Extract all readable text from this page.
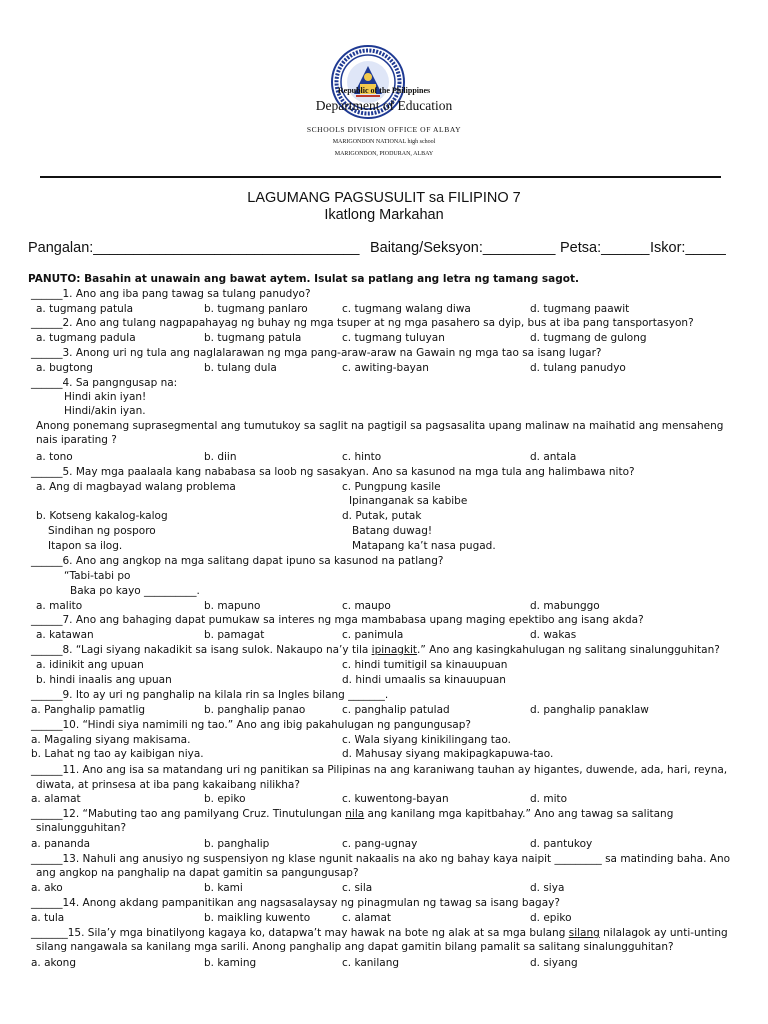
Republic of the Philippines
Department of Education
SCHOOLS DIVISION OFFICE OF ALBAY
MARIGONDON NATIONAL high school
MARIGONDON, PIODURAN, ALBAY
LAGUMANG PAGSUSULIT sa FILIPINO 7
Ikatlong Markahan
Pangalan:_________________________________ Baitang/Seksyon:_________ Petsa:______ Iskor:_____
PANUTO: Basahin at unawain ang bawat aytem. Isulat sa patlang ang letra ng tamang sagot.
______1. Ano ang iba pang tawag sa tulang panudyo?
a. tugmang patula	b. tugmang panlaro	c. tugmang walang diwa	d. tugmang paawit
______2. Ano ang tulang nagpapahayag ng buhay ng mga tsuper at ng mga pasahero sa dyip, bus at iba pang tansportasyon?
a. tugmang padula	b. tugmang patula	c. tugmang tuluyan	d. tugmang de gulong
______3. Anong uri ng tula ang naglalarawan ng mga pang-araw-araw na Gawain ng mga tao sa isang lugar?
a. bugtong	b. tulang dula	c. awiting-bayan	d. tulang panudyo
______4. Sa pangngusap na:
Hindi akin iyan!
Hindi/akin iyan.
Anong ponemang suprasegmental ang tumutukoy sa saglit na pagtigil sa pagsasalita upang malinaw na maihatid ang mensaheng
nais iparating ?
a. tono	b. diin	c. hinto	d. antala
______5. May mga paalaala kang nababasa sa loob ng sasakyan. Ano sa kasunod na mga tula ang halimbawa nito?
a. Ang di magbayad walang problema	c. Pungpung kasile
Ipinanganak sa kabibe
b. Kotseng kakalog-kalog	d. Putak, putak
Sindihan ng posporo	Batang duwag!
Itapon sa ilog.	Matapang ka’t nasa pugad.
______6. Ano ang angkop na mga salitang dapat ipuno sa kasunod na patlang?
“Tabi-tabi po
Baka po kayo __________.
a. malito	b. mapuno	c. maupo	d. mabunggo
______7. Ano ang bahaging dapat pumukaw sa interes ng mga mambabasa upang maging epektibo ang isang akda?
a. katawan	b. pamagat	c. panimula	d. wakas
______8. “Lagi siyang nakadikit sa isang sulok. Nakaupo na’y tila ipinagkit.” Ano ang kasingkahulugan ng salitang sinalungguhitan?
a. idinikit ang upuan	c. hindi tumitigil sa kinauupuan
b. hindi inaalis ang upuan	d. hindi umaalis sa kinauupuan
______9. Ito ay uri ng panghalip na kilala rin sa Ingles bilang _______.
a. Panghalip pamatlig	b. panghalip panao	c. panghalip patulad	d. panghalip panaklaw
______10. “Hindi siya namimili ng tao.” Ano ang ibig pakahulugan ng pangungusap?
a. Magaling siyang makisama.	c. Wala siyang kinikilingang tao.
b. Lahat ng tao ay kaibigan niya.	d. Mahusay siyang makipagkapuwa-tao.
______11. Ano ang isa sa matandang uri ng panitikan sa Pilipinas na ang karaniwang tauhan ay higantes, duwende, ada, hari, reyna,
diwata, at prinsesa at iba pang kakaibang nilikha?
a. alamat	b. epiko	c. kuwentong-bayan	d. mito
______12. “Mabuting tao ang pamilyang Cruz. Tinutulungan nila ang kanilang mga kapitbahay.” Ano ang tawag sa salitang
sinalungguhitan?
a. pananda	b. panghalip	c. pang-ugnay	d. pantukoy
______13. Nahuli ang anusiyo ng suspensiyon ng klase ngunit nakaalis na ako ng bahay kaya naipit _________ sa matinding baha. Ano
ang angkop na panghalip na dapat gamitin sa pangungusap?
a. ako	b. kami	c. sila	d. siya
______14. Anong akdang pampanitikan ang nagsasalaysay ng pinagmulan ng tawag sa isang bagay?
a. tula	b. maikling kuwento	c. alamat	d. epiko
_______15. Sila’y mga binatilyong kagaya ko, datapwa’t may hawak na bote ng alak at sa mga bulang silang nilalagok ay unti-unting
silang nangawala sa kanilang mga sarili. Anong panghalip ang dapat gamitin bilang pamalit sa salitang sinalungguhitan?
a. akong	b. kaming	c. kanilang	d. siyang
